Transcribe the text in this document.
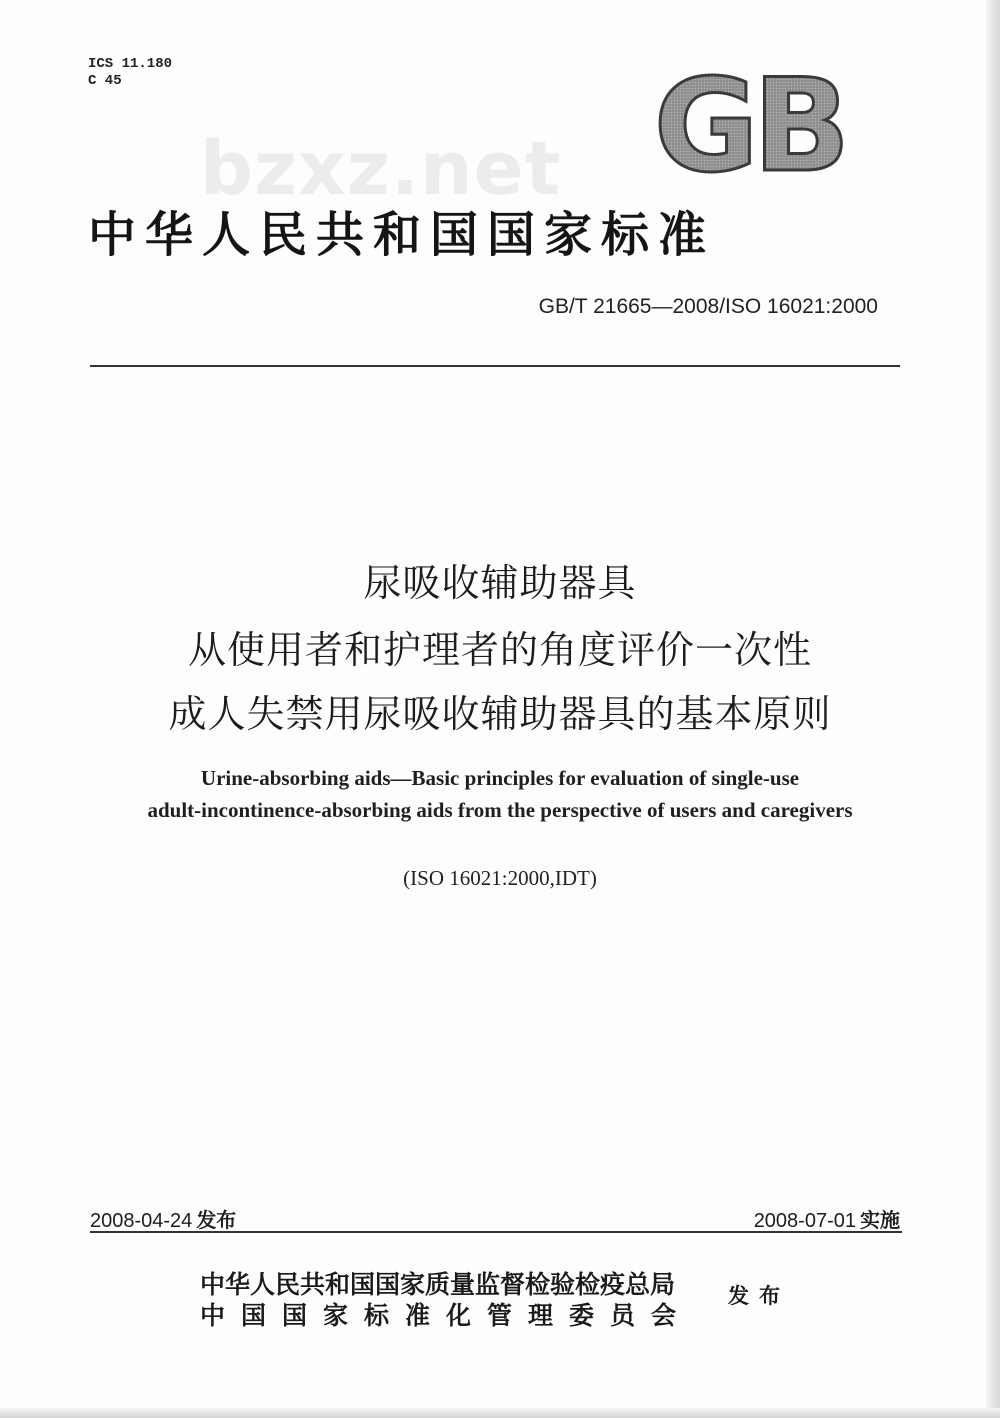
ICS 11.180
C 45	GB
bzxz.net
中华人民共和国国家标准
GB/T 21665—2008/ISO 16021:2000
尿吸收辅助器具
从使用者和护理者的角度评价一次性
成人失禁用尿吸收辅助器具的基本原则
Urine-absorbing aids—Basic principles for evaluation of single-use
adult-incontinence-absorbing aids from the perspective of users and caregivers
(ISO 16021:2000,IDT)
2008-04-24 发布	2008-07-01 实施
中华人民共和国国家质量监督检验检疫总局
中国国家标准化管理委员会
发布
